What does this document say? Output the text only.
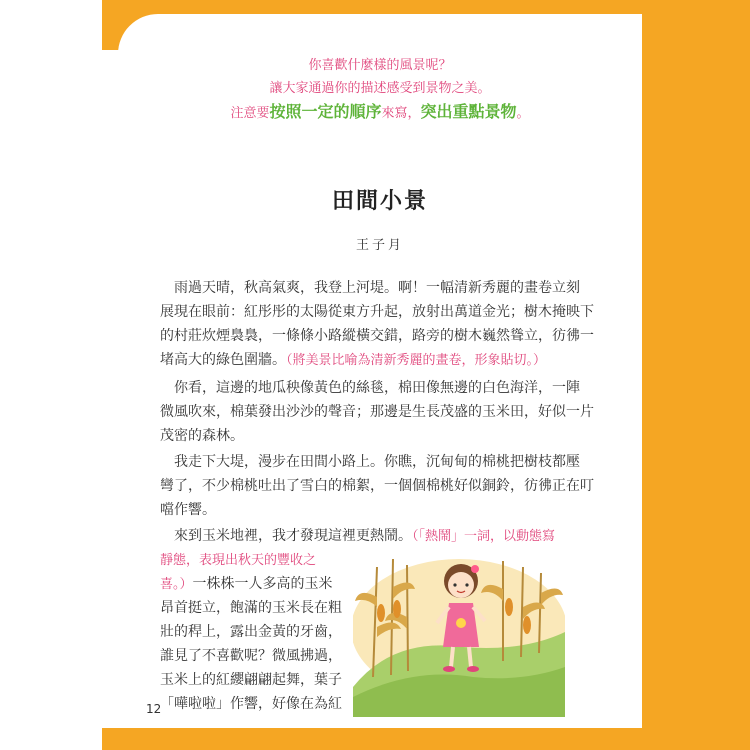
你喜歡什麼樣的風景呢？
讓大家通過你的描述感受到景物之美。
注意要按照一定的順序來寫，突出重點景物。
田間小景
王子月
　雨過天晴，秋高氣爽，我登上河堤。啊！一幅清新秀麗的畫卷立刻
展現在眼前：紅彤彤的太陽從東方升起，放射出萬道金光；樹木掩映下
的村莊炊煙裊裊，一條條小路縱橫交錯，路旁的樹木巍然聳立，彷彿一
堵高大的綠色圍牆。（將美景比喻為清新秀麗的畫卷，形象貼切。）
　你看，這邊的地瓜秧像黃色的絲毯，棉田像無邊的白色海洋，一陣
微風吹來，棉葉發出沙沙的聲音；那邊是生長茂盛的玉米田，好似一片
茂密的森林。
　我走下大堤，漫步在田間小路上。你瞧，沉甸甸的棉桃把樹枝都壓
彎了，不少棉桃吐出了雪白的棉絮，一個個棉桃好似銅鈴，彷彿正在叮
噹作響。
　來到玉米地裡，我才發現這裡更熱鬧。（「熱鬧」一詞，以動態寫
靜態，表現出秋天的豐收之
喜。）一株株一人多高的玉米
昂首挺立，飽滿的玉米長在粗
壯的稈上，露出金黃的牙齒，
誰見了不喜歡呢？微風拂過，
玉米上的紅纓翩翩起舞，葉子
「嘩啦啦」作響，好像在為紅
12
